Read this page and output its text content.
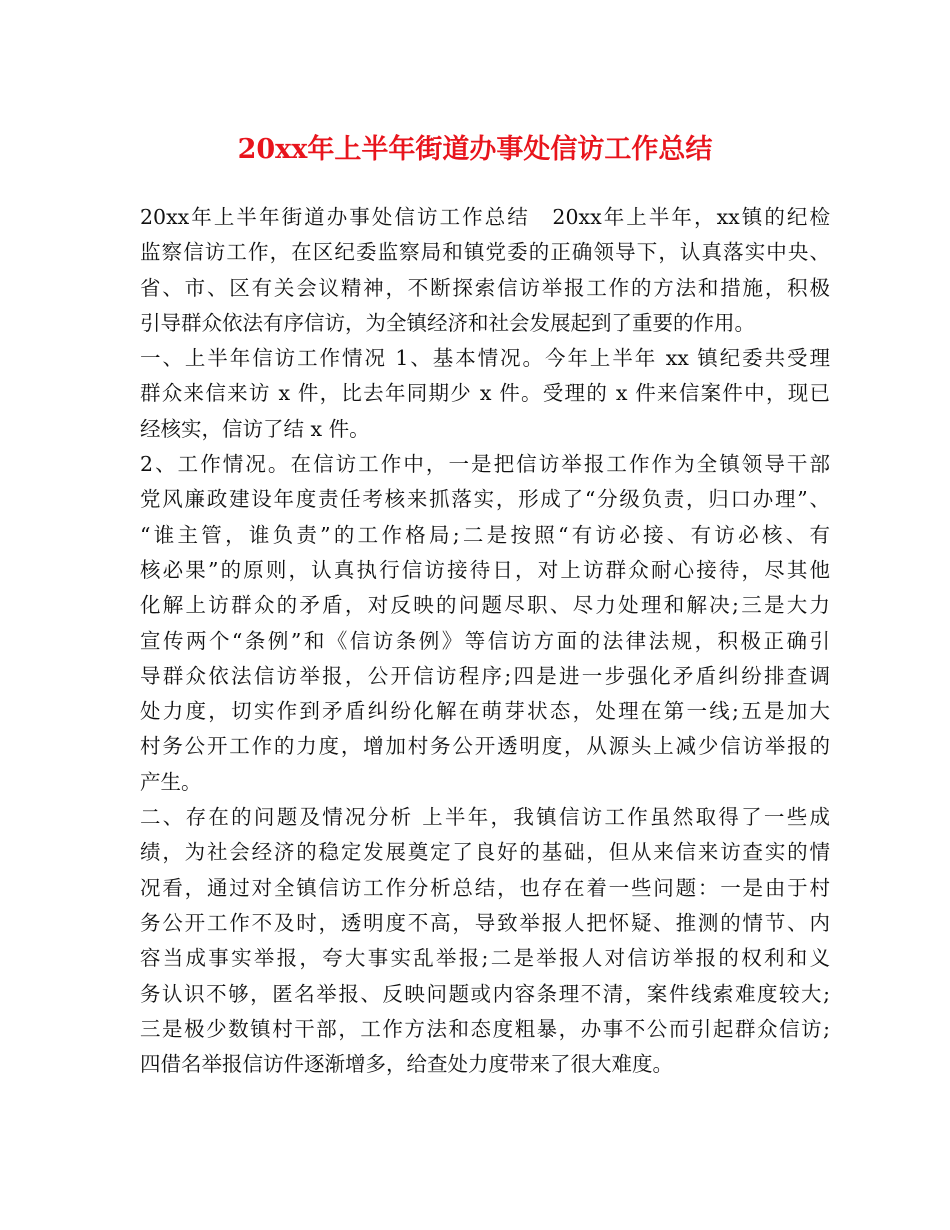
20xx年上半年街道办事处信访工作总结
20xx年上半年街道办事处信访工作总结　20xx年上半年，xx镇的纪检
监察信访工作，在区纪委监察局和镇党委的正确领导下，认真落实中央、
省、市、区有关会议精神，不断探索信访举报工作的方法和措施，积极
引导群众依法有序信访，为全镇经济和社会发展起到了重要的作用。
一、上半年信访工作情况 1、基本情况。今年上半年 xx 镇纪委共受理
群众来信来访 x 件，比去年同期少 x 件。受理的 x 件来信案件中，现已
经核实，信访了结 x 件。
2、工作情况。在信访工作中，一是把信访举报工作作为全镇领导干部
党风廉政建设年度责任考核来抓落实，形成了“分级负责，归口办理”、
“谁主管，谁负责”的工作格局;二是按照“有访必接、有访必核、有
核必果”的原则，认真执行信访接待日，对上访群众耐心接待，尽其他
化解上访群众的矛盾，对反映的问题尽职、尽力处理和解决;三是大力
宣传两个“条例”和《信访条例》等信访方面的法律法规，积极正确引
导群众依法信访举报，公开信访程序;四是进一步强化矛盾纠纷排查调
处力度，切实作到矛盾纠纷化解在萌芽状态，处理在第一线;五是加大
村务公开工作的力度，增加村务公开透明度，从源头上减少信访举报的
产生。
二、存在的问题及情况分析 上半年，我镇信访工作虽然取得了一些成
绩，为社会经济的稳定发展奠定了良好的基础，但从来信来访查实的情
况看，通过对全镇信访工作分析总结，也存在着一些问题：一是由于村
务公开工作不及时，透明度不高，导致举报人把怀疑、推测的情节、内
容当成事实举报，夸大事实乱举报;二是举报人对信访举报的权利和义
务认识不够，匿名举报、反映问题或内容条理不清，案件线索难度较大;
三是极少数镇村干部，工作方法和态度粗暴，办事不公而引起群众信访;
四借名举报信访件逐渐增多，给查处力度带来了很大难度。
